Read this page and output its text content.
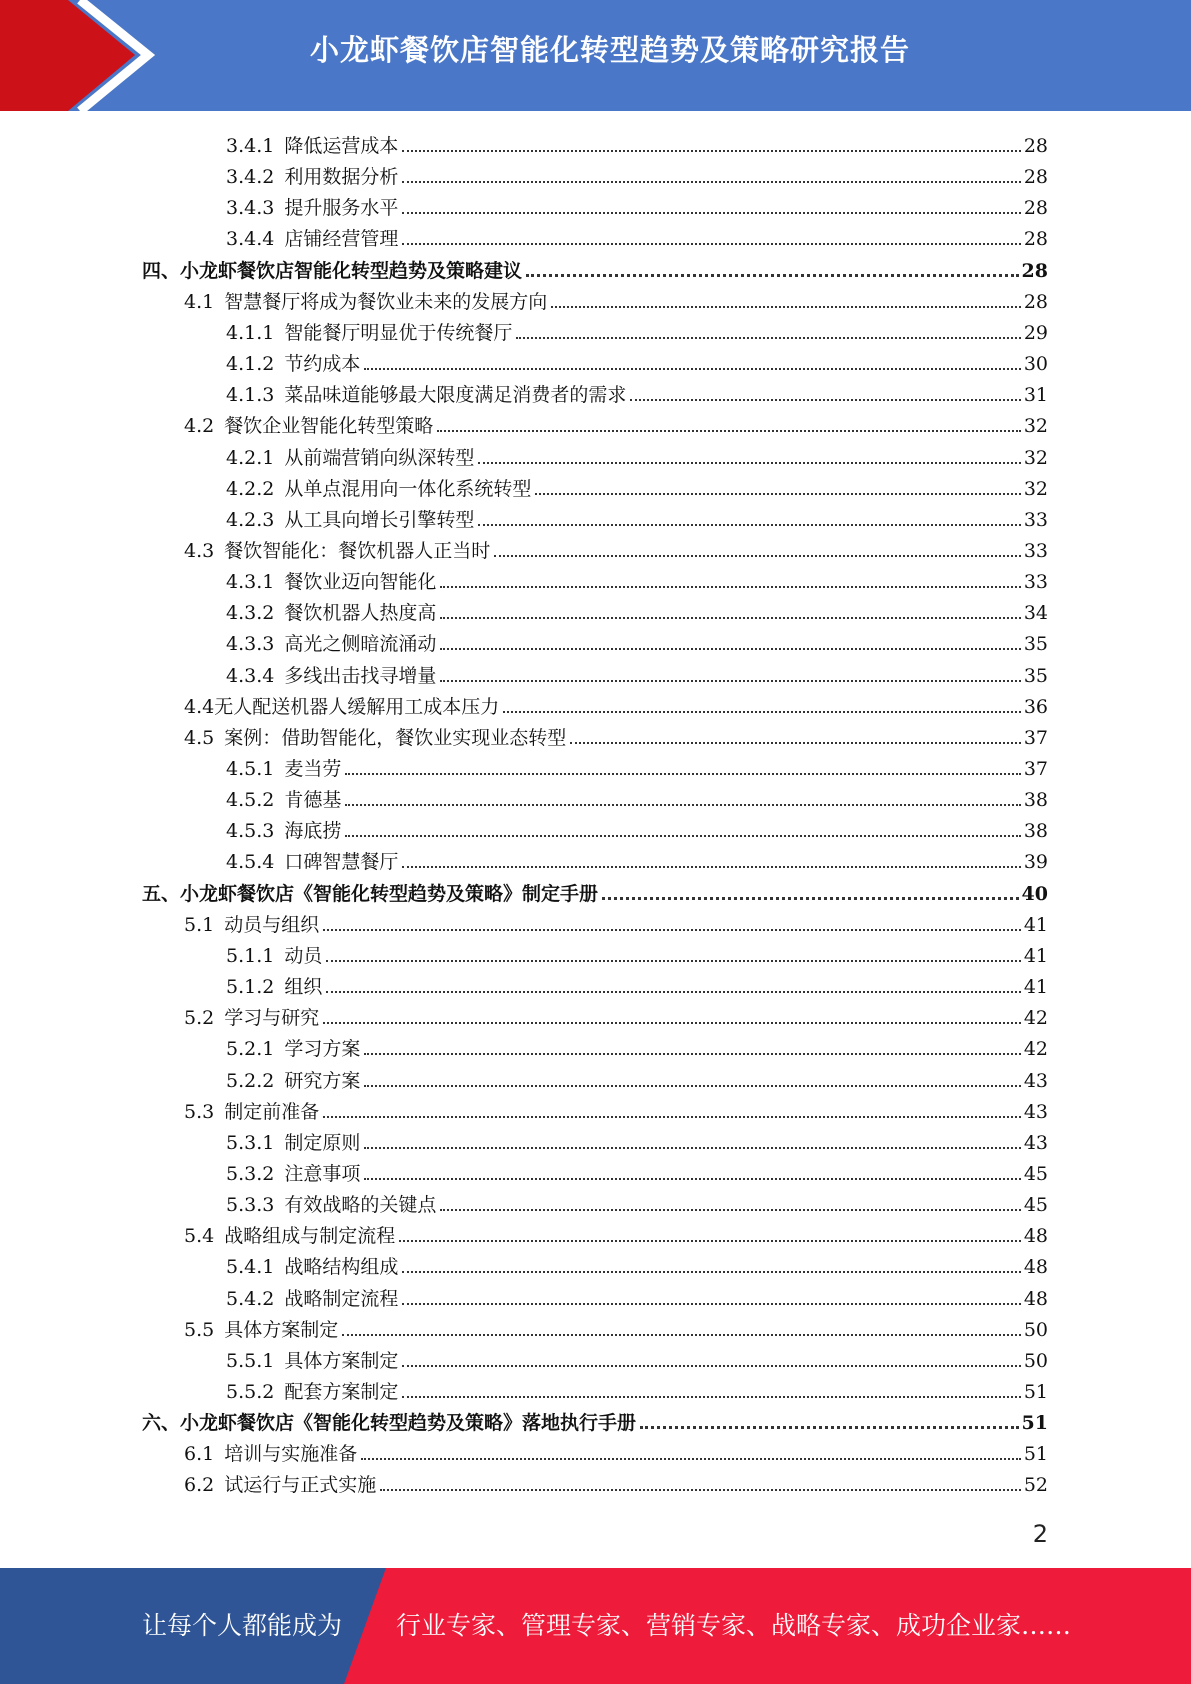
小龙虾餐饮店智能化转型趋势及策略研究报告
3.4.1 降低运营成本	28
3.4.2 利用数据分析	28
3.4.3 提升服务水平	28
3.4.4 店铺经营管理	28
四、小龙虾餐饮店智能化转型趋势及策略建议	28
4.1 智慧餐厅将成为餐饮业未来的发展方向	28
4.1.1 智能餐厅明显优于传统餐厅	29
4.1.2 节约成本	30
4.1.3 菜品味道能够最大限度满足消费者的需求	31
4.2 餐饮企业智能化转型策略	32
4.2.1 从前端营销向纵深转型	32
4.2.2 从单点混用向一体化系统转型	32
4.2.3 从工具向增长引擎转型	33
4.3 餐饮智能化：餐饮机器人正当时	33
4.3.1 餐饮业迈向智能化	33
4.3.2 餐饮机器人热度高	34
4.3.3 高光之侧暗流涌动	35
4.3.4 多线出击找寻增量	35
4.4 无人配送机器人缓解用工成本压力	36
4.5 案例：借助智能化，餐饮业实现业态转型	37
4.5.1 麦当劳	37
4.5.2 肯德基	38
4.5.3 海底捞	38
4.5.4 口碑智慧餐厅	39
五、小龙虾餐饮店《智能化转型趋势及策略》制定手册	40
5.1 动员与组织	41
5.1.1 动员	41
5.1.2 组织	41
5.2 学习与研究	42
5.2.1 学习方案	42
5.2.2 研究方案	43
5.3 制定前准备	43
5.3.1 制定原则	43
5.3.2 注意事项	45
5.3.3 有效战略的关键点	45
5.4 战略组成与制定流程	48
5.4.1 战略结构组成	48
5.4.2 战略制定流程	48
5.5 具体方案制定	50
5.5.1 具体方案制定	50
5.5.2 配套方案制定	51
六、小龙虾餐饮店《智能化转型趋势及策略》落地执行手册	51
6.1 培训与实施准备	51
6.2 试运行与正式实施	52
2
让每个人都能成为 行业专家、管理专家、营销专家、战略专家、成功企业家……
